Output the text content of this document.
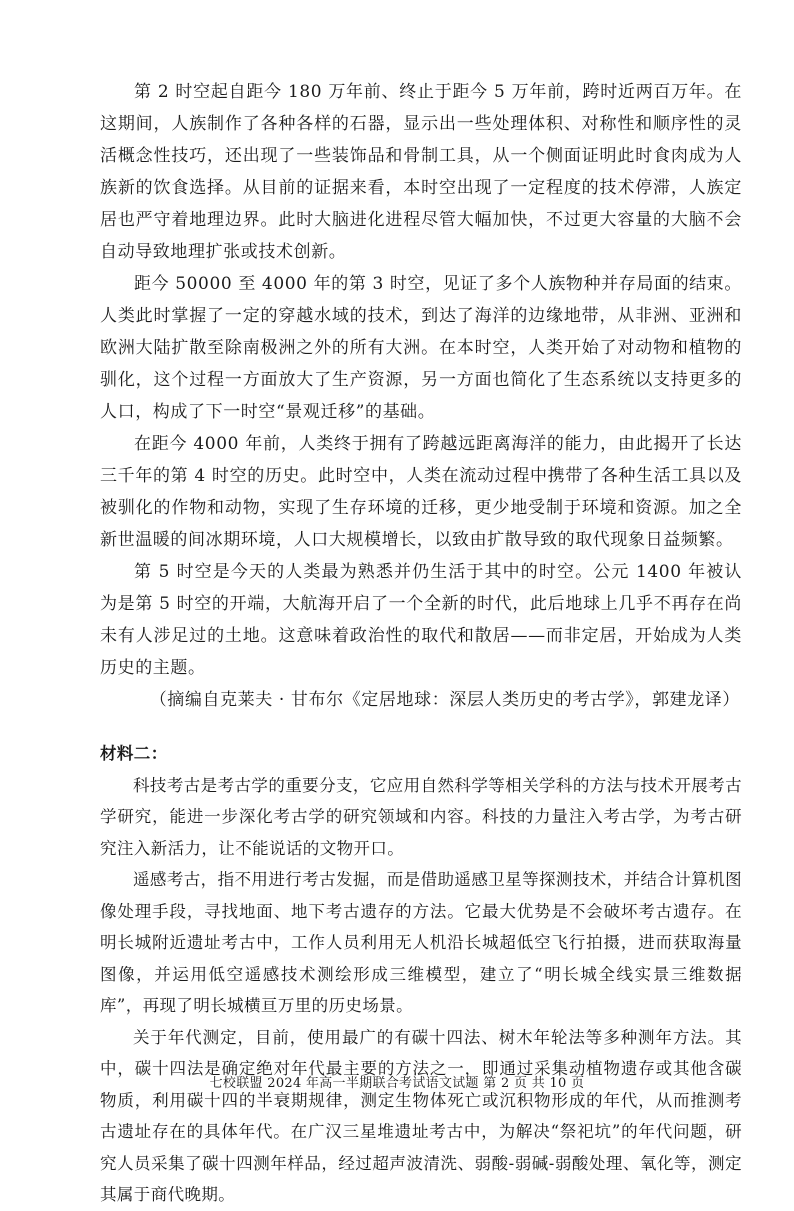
第 2 时空起自距今 180 万年前、终止于距今 5 万年前，跨时近两百万年。在这期间，人族制作了各种各样的石器，显示出一些处理体积、对称性和顺序性的灵活概念性技巧，还出现了一些装饰品和骨制工具，从一个侧面证明此时食肉成为人族新的饮食选择。从目前的证据来看，本时空出现了一定程度的技术停滞，人族定居也严守着地理边界。此时大脑进化进程尽管大幅加快，不过更大容量的大脑不会自动导致地理扩张或技术创新。

距今 50000 至 4000 年的第 3 时空，见证了多个人族物种并存局面的结束。人类此时掌握了一定的穿越水域的技术，到达了海洋的边缘地带，从非洲、亚洲和欧洲大陆扩散至除南极洲之外的所有大洲。在本时空，人类开始了对动物和植物的驯化，这个过程一方面放大了生产资源，另一方面也简化了生态系统以支持更多的人口，构成了下一时空“景观迁移”的基础。

在距今 4000 年前，人类终于拥有了跨越远距离海洋的能力，由此揭开了长达三千年的第 4 时空的历史。此时空中，人类在流动过程中携带了各种生活工具以及被驯化的作物和动物，实现了生存环境的迁移，更少地受制于环境和资源。加之全新世温暖的间冰期环境，人口大规模增长，以致由扩散导致的取代现象日益频繁。

第 5 时空是今天的人类最为熟悉并仍生活于其中的时空。公元 1400 年被认为是第 5 时空的开端，大航海开启了一个全新的时代，此后地球上几乎不再存在尚未有人涉足过的土地。这意味着政治性的取代和散居——而非定居，开始成为人类历史的主题。

（摘编自克莱夫 · 甘布尔《定居地球：深层人类历史的考古学》，郭建龙译）

材料二：

科技考古是考古学的重要分支，它应用自然科学等相关学科的方法与技术开展考古学研究，能进一步深化考古学的研究领域和内容。科技的力量注入考古学，为考古研究注入新活力，让不能说话的文物开口。

遥感考古，指不用进行考古发掘，而是借助遥感卫星等探测技术，并结合计算机图像处理手段，寻找地面、地下考古遗存的方法。它最大优势是不会破坏考古遗存。在明长城附近遗址考古中，工作人员利用无人机沿长城超低空飞行拍摄，进而获取海量图像，并运用低空遥感技术测绘形成三维模型，建立了“明长城全线实景三维数据库”，再现了明长城横亘万里的历史场景。

关于年代测定，目前，使用最广的有碳十四法、树木年轮法等多种测年方法。其中，碳十四法是确定绝对年代最主要的方法之一，即通过采集动植物遗存或其他含碳物质，利用碳十四的半衰期规律，测定生物体死亡或沉积物形成的年代，从而推测考古遗址存在的具体年代。在广汉三星堆遗址考古中，为解决“祭祀坑”的年代问题，研究人员采集了碳十四测年样品，经过超声波清洗、弱酸-弱碱-弱酸处理、氧化等，测定其属于商代晚期。

七校联盟 2024 年高一半期联合考试语文试题 第 2 页 共 10 页
